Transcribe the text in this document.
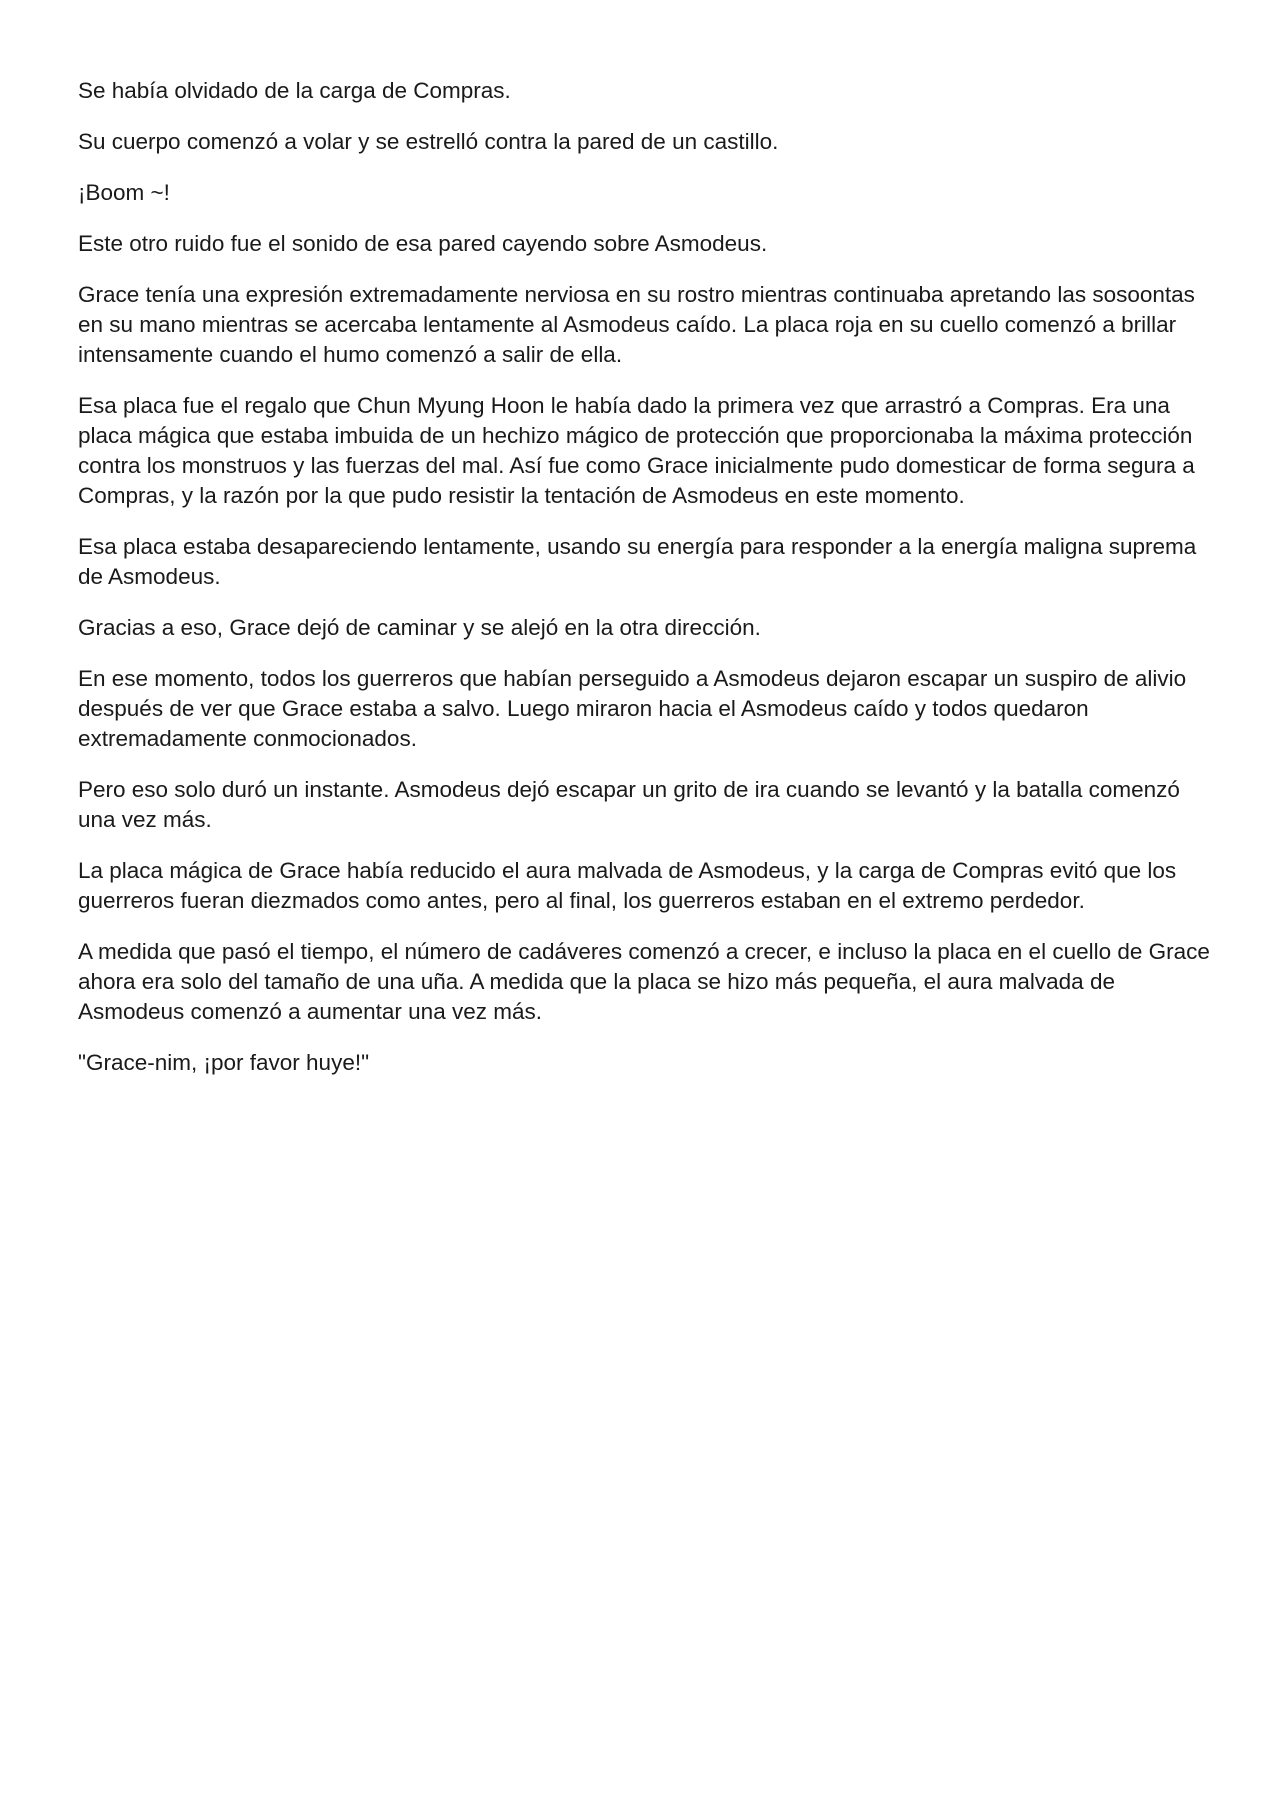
Se había olvidado de la carga de Compras.

Su cuerpo comenzó a volar y se estrelló contra la pared de un castillo.

¡Boom ~!

Este otro ruido fue el sonido de esa pared cayendo sobre Asmodeus.

Grace tenía una expresión extremadamente nerviosa en su rostro mientras continuaba apretando las sosoontas en su mano mientras se acercaba lentamente al Asmodeus caído. La placa roja en su cuello comenzó a brillar intensamente cuando el humo comenzó a salir de ella.

Esa placa fue el regalo que Chun Myung Hoon le había dado la primera vez que arrastró a Compras. Era una placa mágica que estaba imbuida de un hechizo mágico de protección que proporcionaba la máxima protección contra los monstruos y las fuerzas del mal. Así fue como Grace inicialmente pudo domesticar de forma segura a Compras, y la razón por la que pudo resistir la tentación de Asmodeus en este momento.

Esa placa estaba desapareciendo lentamente, usando su energía para responder a la energía maligna suprema de Asmodeus.

Gracias a eso, Grace dejó de caminar y se alejó en la otra dirección.

En ese momento, todos los guerreros que habían perseguido a Asmodeus dejaron escapar un suspiro de alivio después de ver que Grace estaba a salvo. Luego miraron hacia el Asmodeus caído y todos quedaron extremadamente conmocionados.

Pero eso solo duró un instante. Asmodeus dejó escapar un grito de ira cuando se levantó y la batalla comenzó una vez más.

La placa mágica de Grace había reducido el aura malvada de Asmodeus, y la carga de Compras evitó que los guerreros fueran diezmados como antes, pero al final, los guerreros estaban en el extremo perdedor.

A medida que pasó el tiempo, el número de cadáveres comenzó a crecer, e incluso la placa en el cuello de Grace ahora era solo del tamaño de una uña. A medida que la placa se hizo más pequeña, el aura malvada de Asmodeus comenzó a aumentar una vez más.

"Grace-nim, ¡por favor huye!"
